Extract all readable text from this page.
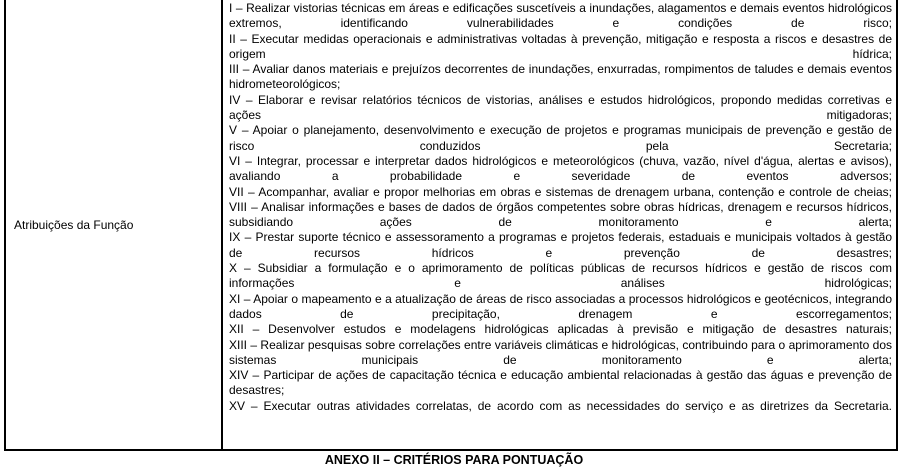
Atribuições da Função
I – Realizar vistorias técnicas em áreas e edificações suscetíveis a inundações, alagamentos e demais eventos hidrológicos extremos, identificando vulnerabilidades e condições de risco;
II – Executar medidas operacionais e administrativas voltadas à prevenção, mitigação e resposta a riscos e desastres de origem hídrica;
III – Avaliar danos materiais e prejuízos decorrentes de inundações, enxurradas, rompimentos de taludes e demais eventos hidrometeorológicos;
IV – Elaborar e revisar relatórios técnicos de vistorias, análises e estudos hidrológicos, propondo medidas corretivas e ações mitigadoras;
V – Apoiar o planejamento, desenvolvimento e execução de projetos e programas municipais de prevenção e gestão de risco conduzidos pela Secretaria;
VI – Integrar, processar e interpretar dados hidrológicos e meteorológicos (chuva, vazão, nível d'água, alertas e avisos), avaliando a probabilidade e severidade de eventos adversos;
VII – Acompanhar, avaliar e propor melhorias em obras e sistemas de drenagem urbana, contenção e controle de cheias;
VIII – Analisar informações e bases de dados de órgãos competentes sobre obras hídricas, drenagem e recursos hídricos, subsidiando ações de monitoramento e alerta;
IX – Prestar suporte técnico e assessoramento a programas e projetos federais, estaduais e municipais voltados à gestão de recursos hídricos e prevenção de desastres;
X – Subsidiar a formulação e o aprimoramento de políticas públicas de recursos hídricos e gestão de riscos com informações e análises hidrológicas;
XI – Apoiar o mapeamento e a atualização de áreas de risco associadas a processos hidrológicos e geotécnicos, integrando dados de precipitação, drenagem e escorregamentos;
XII – Desenvolver estudos e modelagens hidrológicas aplicadas à previsão e mitigação de desastres naturais;
XIII – Realizar pesquisas sobre correlações entre variáveis climáticas e hidrológicas, contribuindo para o aprimoramento dos sistemas municipais de monitoramento e alerta;
XIV – Participar de ações de capacitação técnica e educação ambiental relacionadas à gestão das águas e prevenção de desastres;
XV – Executar outras atividades correlatas, de acordo com as necessidades do serviço e as diretrizes da Secretaria.
ANEXO II – CRITÉRIOS PARA PONTUAÇÃO
